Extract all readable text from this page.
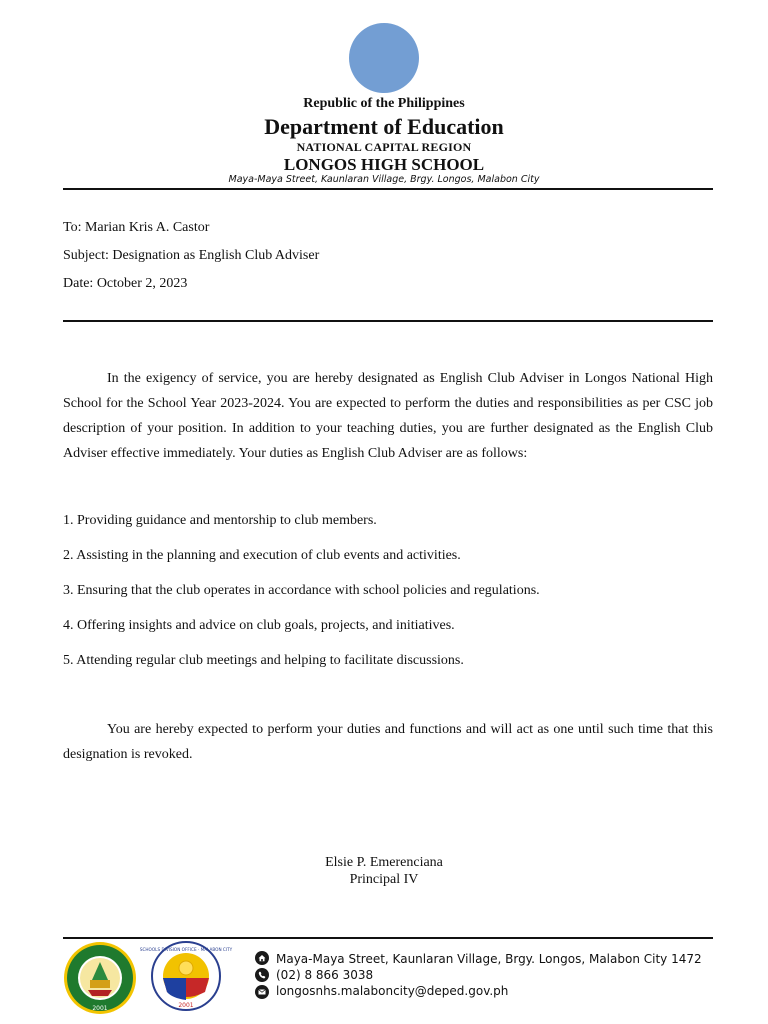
Republic of the Philippines
Department of Education
NATIONAL CAPITAL REGION
LONGOS HIGH SCHOOL
Maya-Maya Street, Kaunlaran Village, Brgy. Longos, Malabon City
To: Marian Kris A. Castor
Subject: Designation as English Club Adviser
Date: October 2, 2023
In the exigency of service, you are hereby designated as English Club Adviser in Longos National High School for the School Year 2023-2024. You are expected to perform the duties and responsibilities as per CSC job description of your position. In addition to your teaching duties, you are further designated as the English Club Adviser effective immediately. Your duties as English Club Adviser are as follows:
1. Providing guidance and mentorship to club members.
2. Assisting in the planning and execution of club events and activities.
3. Ensuring that the club operates in accordance with school policies and regulations.
4. Offering insights and advice on club goals, projects, and initiatives.
5. Attending regular club meetings and helping to facilitate discussions.
You are hereby expected to perform your duties and functions and will act as one until such time that this designation is revoked.
Elsie P. Emerenciana
Principal IV
2001	2001
SCHOOLS DIVISION OFFICE · MALABON CITY
Maya-Maya Street, Kaunlaran Village, Brgy. Longos, Malabon City 1472
(02) 8 866 3038
longosnhs.malaboncity@deped.gov.ph
